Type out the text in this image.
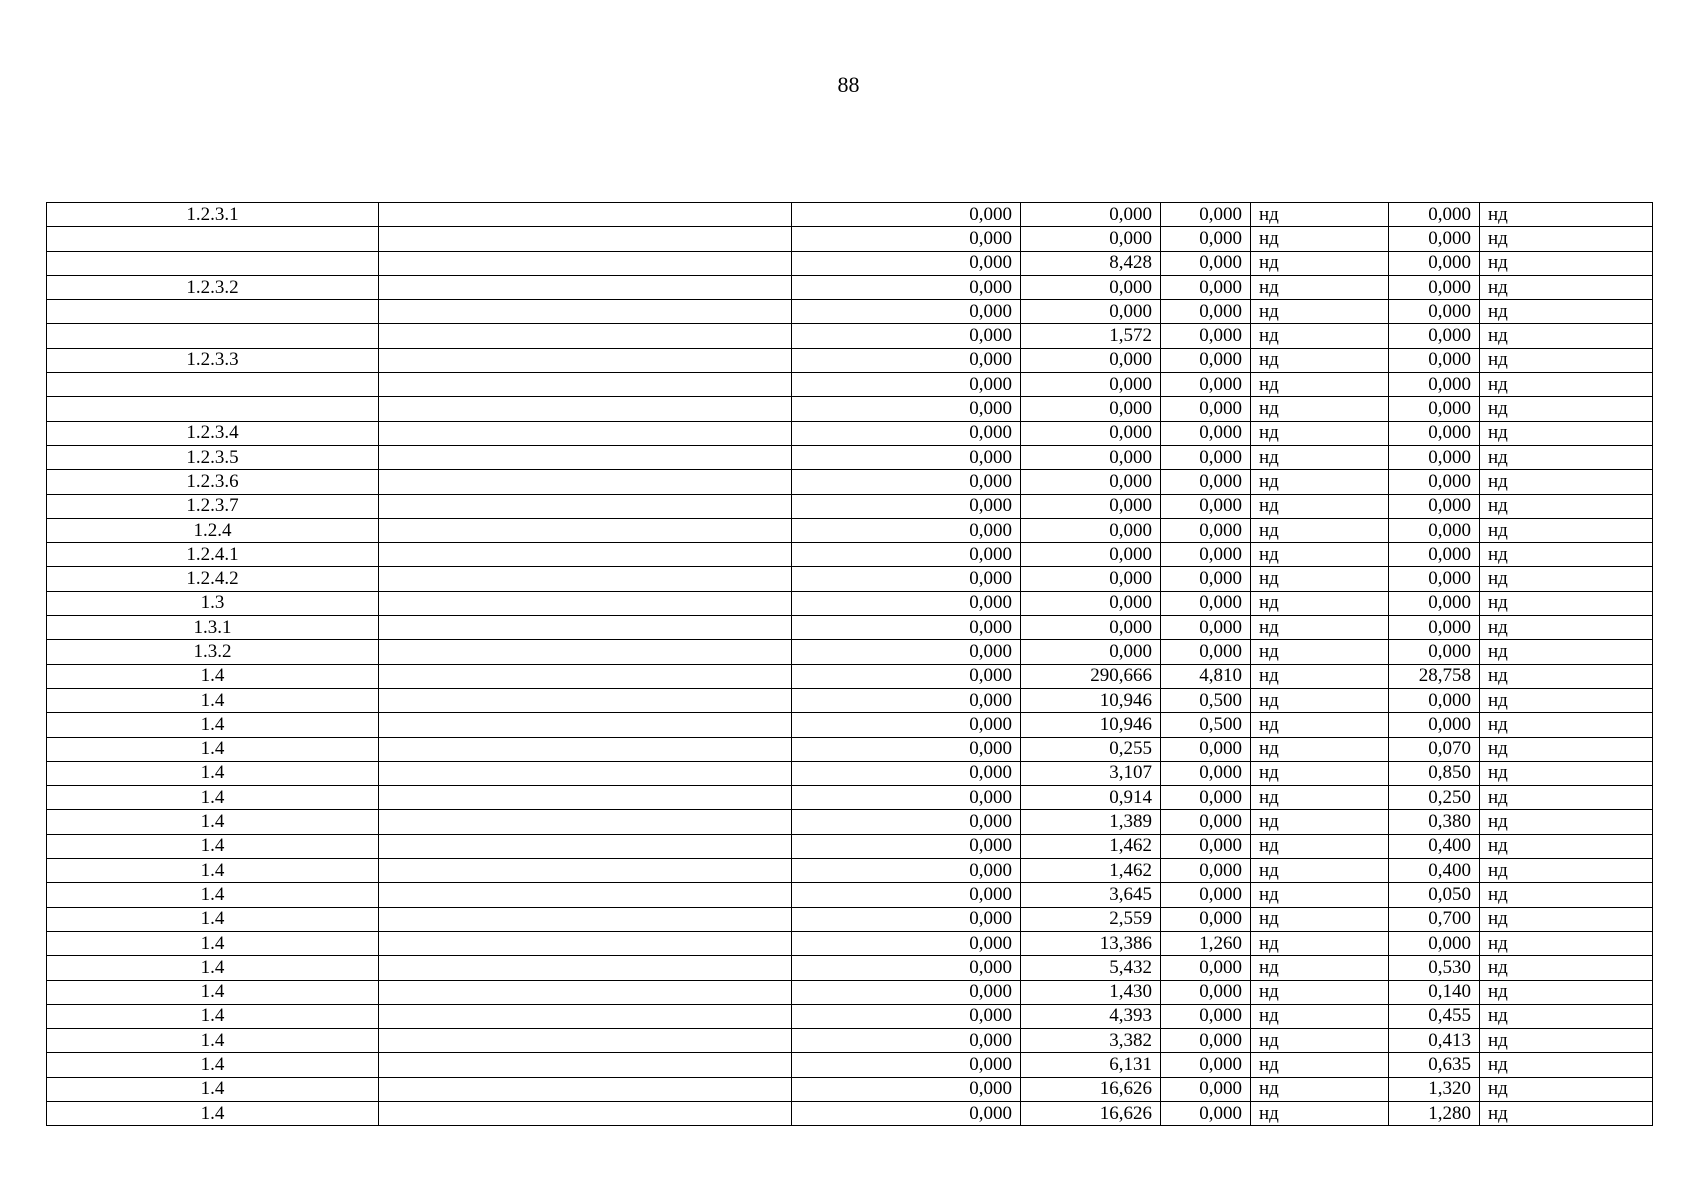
88
1.2.3.1		0,000	0,000	0,000	нд	0,000	нд	
		0,000	0,000	0,000	нд	0,000	нд	
		0,000	8,428	0,000	нд	0,000	нд	
1.2.3.2		0,000	0,000	0,000	нд	0,000	нд	
		0,000	0,000	0,000	нд	0,000	нд	
		0,000	1,572	0,000	нд	0,000	нд	
1.2.3.3		0,000	0,000	0,000	нд	0,000	нд	
		0,000	0,000	0,000	нд	0,000	нд	
		0,000	0,000	0,000	нд	0,000	нд	
1.2.3.4		0,000	0,000	0,000	нд	0,000	нд	
1.2.3.5		0,000	0,000	0,000	нд	0,000	нд	
1.2.3.6		0,000	0,000	0,000	нд	0,000	нд	
1.2.3.7		0,000	0,000	0,000	нд	0,000	нд	
1.2.4		0,000	0,000	0,000	нд	0,000	нд	
1.2.4.1		0,000	0,000	0,000	нд	0,000	нд	
1.2.4.2		0,000	0,000	0,000	нд	0,000	нд	
1.3		0,000	0,000	0,000	нд	0,000	нд	
1.3.1		0,000	0,000	0,000	нд	0,000	нд	
1.3.2		0,000	0,000	0,000	нд	0,000	нд	
1.4		0,000	290,666	4,810	нд	28,758	нд	
1.4		0,000	10,946	0,500	нд	0,000	нд	
1.4		0,000	10,946	0,500	нд	0,000	нд	
1.4		0,000	0,255	0,000	нд	0,070	нд	
1.4		0,000	3,107	0,000	нд	0,850	нд	
1.4		0,000	0,914	0,000	нд	0,250	нд	
1.4		0,000	1,389	0,000	нд	0,380	нд	
1.4		0,000	1,462	0,000	нд	0,400	нд	
1.4		0,000	1,462	0,000	нд	0,400	нд	
1.4		0,000	3,645	0,000	нд	0,050	нд	
1.4		0,000	2,559	0,000	нд	0,700	нд	
1.4		0,000	13,386	1,260	нд	0,000	нд	
1.4		0,000	5,432	0,000	нд	0,530	нд	
1.4		0,000	1,430	0,000	нд	0,140	нд	
1.4		0,000	4,393	0,000	нд	0,455	нд	
1.4		0,000	3,382	0,000	нд	0,413	нд	
1.4		0,000	6,131	0,000	нд	0,635	нд	
1.4		0,000	16,626	0,000	нд	1,320	нд	
1.4		0,000	16,626	0,000	нд	1,280	нд	
